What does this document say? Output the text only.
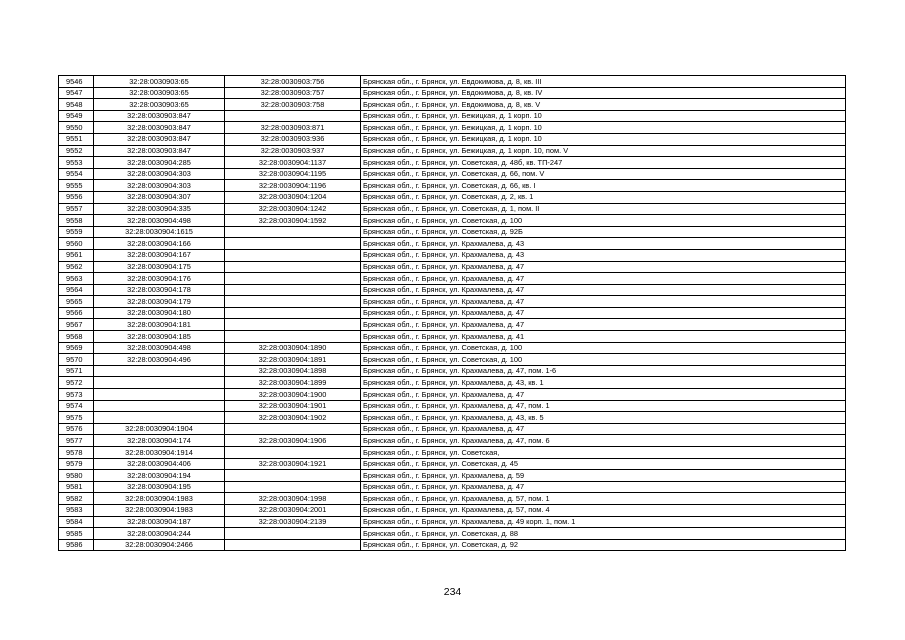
9546	32:28:0030903:65	32:28:0030903:756	Брянская обл., г. Брянск, ул. Евдокимова, д. 8, кв. III
9547	32:28:0030903:65	32:28:0030903:757	Брянская обл., г. Брянск, ул. Евдокимова, д. 8, кв. IV
9548	32:28:0030903:65	32:28:0030903:758	Брянская обл., г. Брянск, ул. Евдокимова, д. 8, кв. V
9549	32:28:0030903:847		Брянская обл., г. Брянск, ул. Бежицкая, д. 1 корп. 10
9550	32:28:0030903:847	32:28:0030903:871	Брянская обл., г. Брянск, ул. Бежицкая, д. 1 корп. 10
9551	32:28:0030903:847	32:28:0030903:936	Брянская обл., г. Брянск, ул. Бежицкая, д. 1 корп. 10
9552	32:28:0030903:847	32:28:0030903:937	Брянская обл., г. Брянск, ул. Бежицкая, д. 1 корп. 10, пом. V
9553	32:28:0030904:285	32:28:0030904:1137	Брянская обл., г. Брянск, ул. Советская, д. 48б, кв. ТП-247
9554	32:28:0030904:303	32:28:0030904:1195	Брянская обл., г. Брянск, ул. Советская, д. 66, пом. V
9555	32:28:0030904:303	32:28:0030904:1196	Брянская обл., г. Брянск, ул. Советская, д. 66, кв. I
9556	32:28:0030904:307	32:28:0030904:1204	Брянская обл., г. Брянск, ул. Советская, д. 2, кв. 1
9557	32:28:0030904:335	32:28:0030904:1242	Брянская обл., г. Брянск, ул. Советская, д. 1, пом. II
9558	32:28:0030904:498	32:28:0030904:1592	Брянская обл., г. Брянск, ул. Советская, д. 100
9559	32:28:0030904:1615		Брянская обл., г. Брянск, ул. Советская, д. 92Б
9560	32:28:0030904:166		Брянская обл., г. Брянск, ул. Крахмалева, д. 43
9561	32:28:0030904:167		Брянская обл., г. Брянск, ул. Крахмалева, д. 43
9562	32:28:0030904:175		Брянская обл., г. Брянск, ул. Крахмалева, д. 47
9563	32:28:0030904:176		Брянская обл., г. Брянск, ул. Крахмалева, д. 47
9564	32:28:0030904:178		Брянская обл., г. Брянск, ул. Крахмалева, д. 47
9565	32:28:0030904:179		Брянская обл., г. Брянск, ул. Крахмалева, д. 47
9566	32:28:0030904:180		Брянская обл., г. Брянск, ул. Крахмалева, д. 47
9567	32:28:0030904:181		Брянская обл., г. Брянск, ул. Крахмалева, д. 47
9568	32:28:0030904:185		Брянская обл., г. Брянск, ул. Крахмалева, д. 41
9569	32:28:0030904:498	32:28:0030904:1890	Брянская обл., г. Брянск, ул. Советская, д. 100
9570	32:28:0030904:496	32:28:0030904:1891	Брянская обл., г. Брянск, ул. Советская, д. 100
9571		32:28:0030904:1898	Брянская обл., г. Брянск, ул. Крахмалева, д. 47, пом. 1-6
9572		32:28:0030904:1899	Брянская обл., г. Брянск, ул. Крахмалева, д. 43, кв. 1
9573		32:28:0030904:1900	Брянская обл., г. Брянск, ул. Крахмалева, д. 47
9574		32:28:0030904:1901	Брянская обл., г. Брянск, ул. Крахмалева, д. 47, пом. 1
9575		32:28:0030904:1902	Брянская обл., г. Брянск, ул. Крахмалева, д. 43, кв. 5
9576	32:28:0030904:1904		Брянская обл., г. Брянск, ул. Крахмалева, д. 47
9577	32:28:0030904:174	32:28:0030904:1906	Брянская обл., г. Брянск, ул. Крахмалева, д. 47, пом. 6
9578	32:28:0030904:1914		Брянская обл., г. Брянск, ул. Советская,
9579	32:28:0030904:406	32:28:0030904:1921	Брянская обл., г. Брянск, ул. Советская, д. 45
9580	32:28:0030904:194		Брянская обл., г. Брянск, ул. Крахмалева, д. 59
9581	32:28:0030904:195		Брянская обл., г. Брянск, ул. Крахмалева, д. 47
9582	32:28:0030904:1983	32:28:0030904:1998	Брянская обл., г. Брянск, ул. Крахмалева, д. 57, пом. 1
9583	32:28:0030904:1983	32:28:0030904:2001	Брянская обл., г. Брянск, ул. Крахмалева, д. 57, пом. 4
9584	32:28:0030904:187	32:28:0030904:2139	Брянская обл., г. Брянск, ул. Крахмалева, д. 49 корп. 1, пом. 1
9585	32:28:0030904:244		Брянская обл., г. Брянск, ул. Советская, д. 88
9586	32:28:0030904:2466		Брянская обл., г. Брянск, ул. Советская, д. 92
234
